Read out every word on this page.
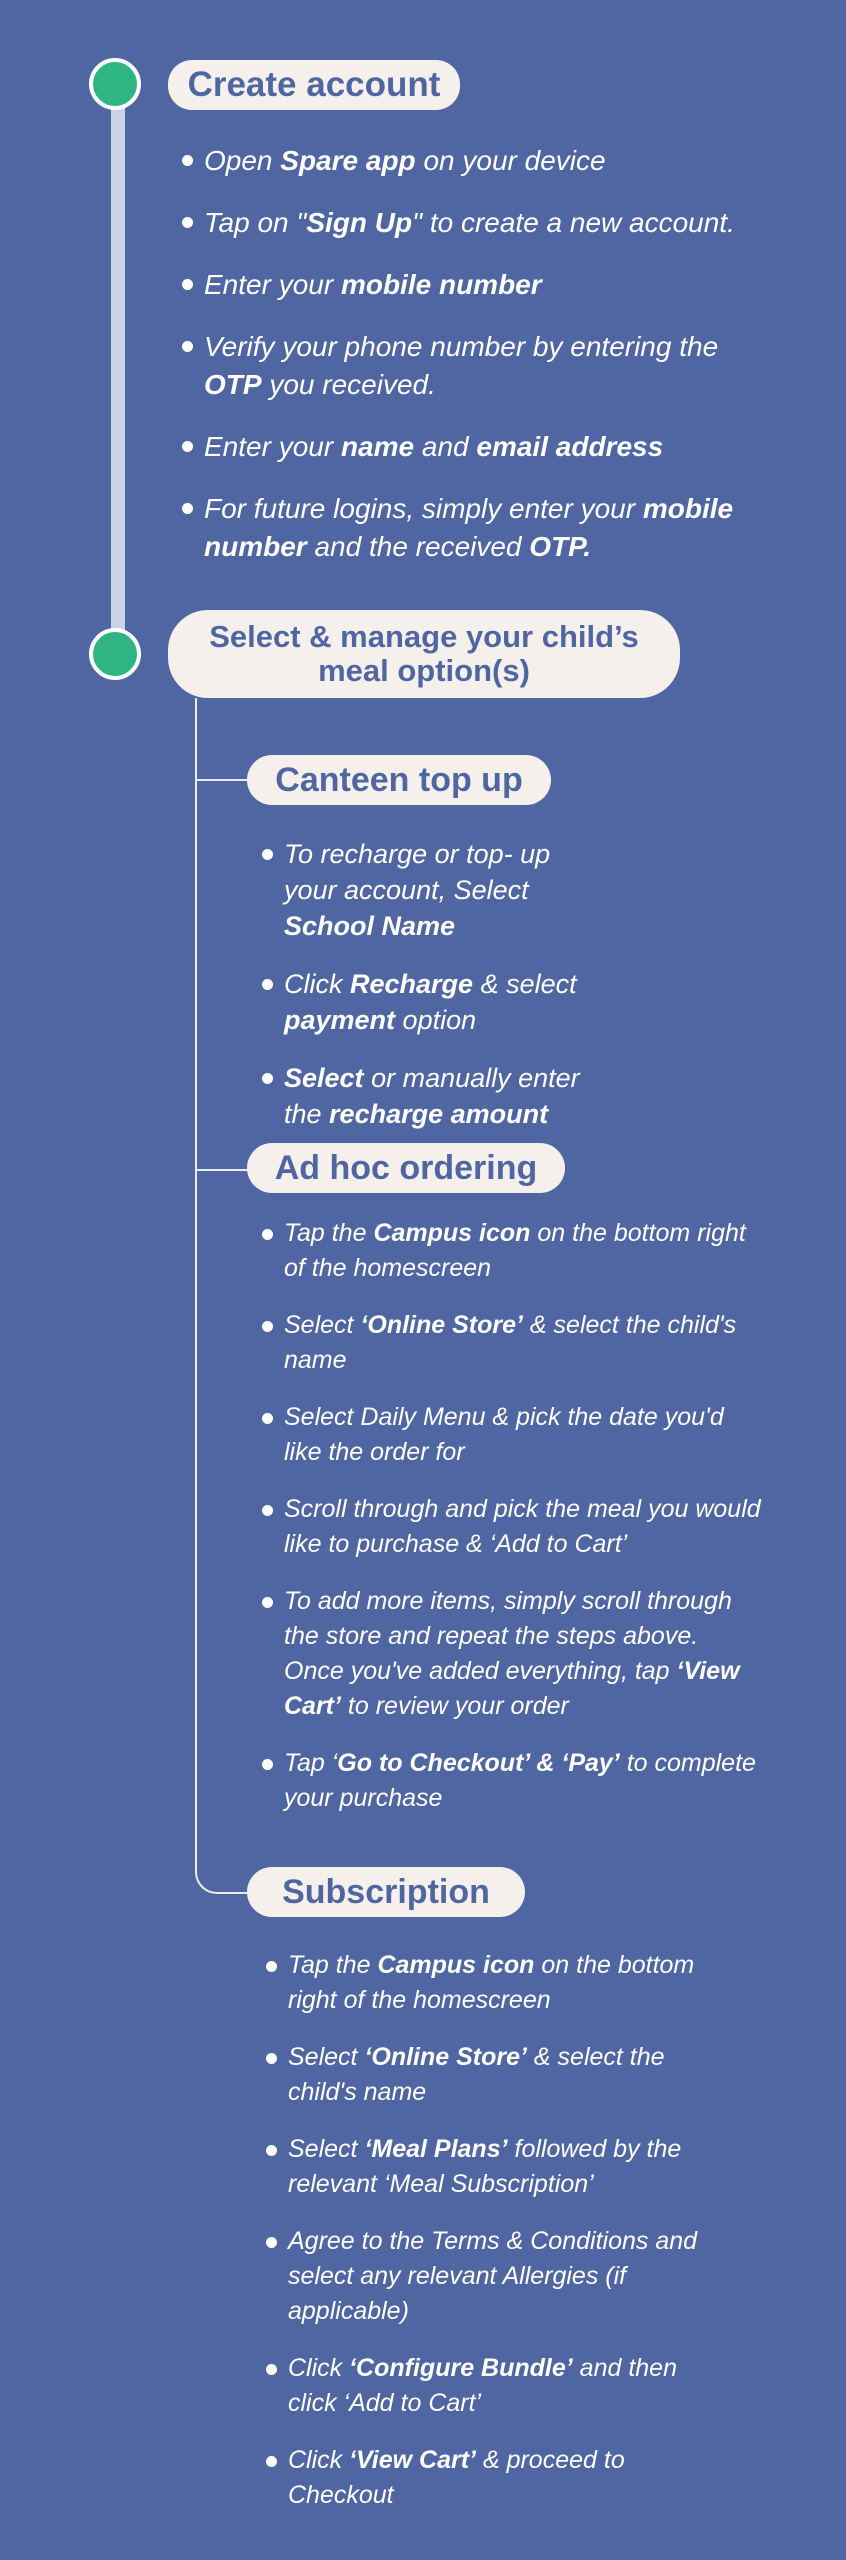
Create account
Open Spare app on your device
Tap on "Sign Up" to create a new account.
Enter your mobile number
Verify your phone number by entering the OTP you received.
Enter your name and email address
For future logins, simply enter your mobile number and the received OTP.
Select & manage your child’s
meal option(s)
Canteen top up
To recharge or top- up your account, Select School Name
Click Recharge & select payment option
Select or manually enter the recharge amount
Ad hoc ordering
Tap the Campus icon on the bottom right of the homescreen
Select ‘Online Store’ & select the child's name
Select Daily Menu & pick the date you'd like the order for
Scroll through and pick the meal you would like to purchase & ‘Add to Cart’
To add more items, simply scroll through the store and repeat the steps above. Once you've added everything, tap ‘View Cart’ to review your order
Tap ‘Go to Checkout’ & ‘Pay’ to complete your purchase
Subscription
Tap the Campus icon on the bottom right of the homescreen
Select ‘Online Store’ & select the child's name
Select ‘Meal Plans’ followed by the relevant ‘Meal Subscription’
Agree to the Terms & Conditions and select any relevant Allergies (if applicable)
Click ‘Configure Bundle’ and then click ‘Add to Cart’
Click ‘View Cart’ & proceed to Checkout
